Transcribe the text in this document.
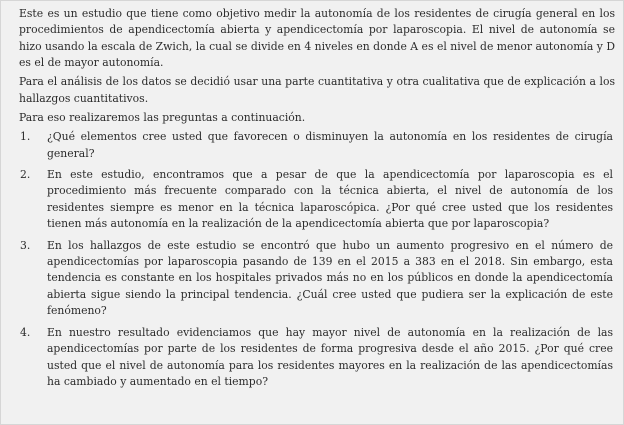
Este es un estudio que tiene como objetivo medir la autonomía de los residentes de cirugía general en los procedimientos de apendicectomía abierta y apendicectomía por laparoscopia. El nivel de autonomía se hizo usando la escala de Zwich, la cual se divide en 4 niveles en donde A es el nivel de menor autonomía y D es el de mayor autonomía.

Para el análisis de los datos se decidió usar una parte cuantitativa y otra cualitativa que de explicación a los hallazgos cuantitativos.

Para eso realizaremos las preguntas a continuación.

1.	¿Qué elementos cree usted que favorecen o disminuyen la autonomía en los residentes de cirugía general?
2.	En este estudio, encontramos que a pesar de que la apendicectomía por laparoscopia es el procedimiento más frecuente comparado con la técnica abierta, el nivel de autonomía de los residentes siempre es menor en la técnica laparoscópica. ¿Por qué cree usted que los residentes tienen más autonomía en la realización de la apendicectomía abierta que por laparoscopia?
3.	En los hallazgos de este estudio se encontró que hubo un aumento progresivo en el número de apendicectomías por laparoscopia pasando de 139 en el 2015 a 383 en el 2018. Sin embargo, esta tendencia es constante en los hospitales privados más no en los públicos en donde la apendicectomía abierta sigue siendo la principal tendencia. ¿Cuál cree usted que pudiera ser la explicación de este fenómeno?
4.	En nuestro resultado evidenciamos que hay mayor nivel de autonomía en la realización de las apendicectomías por parte de los residentes de forma progresiva desde el año 2015. ¿Por qué cree usted que el nivel de autonomía para los residentes mayores en la realización de las apendicectomías ha cambiado y aumentado en el tiempo?
